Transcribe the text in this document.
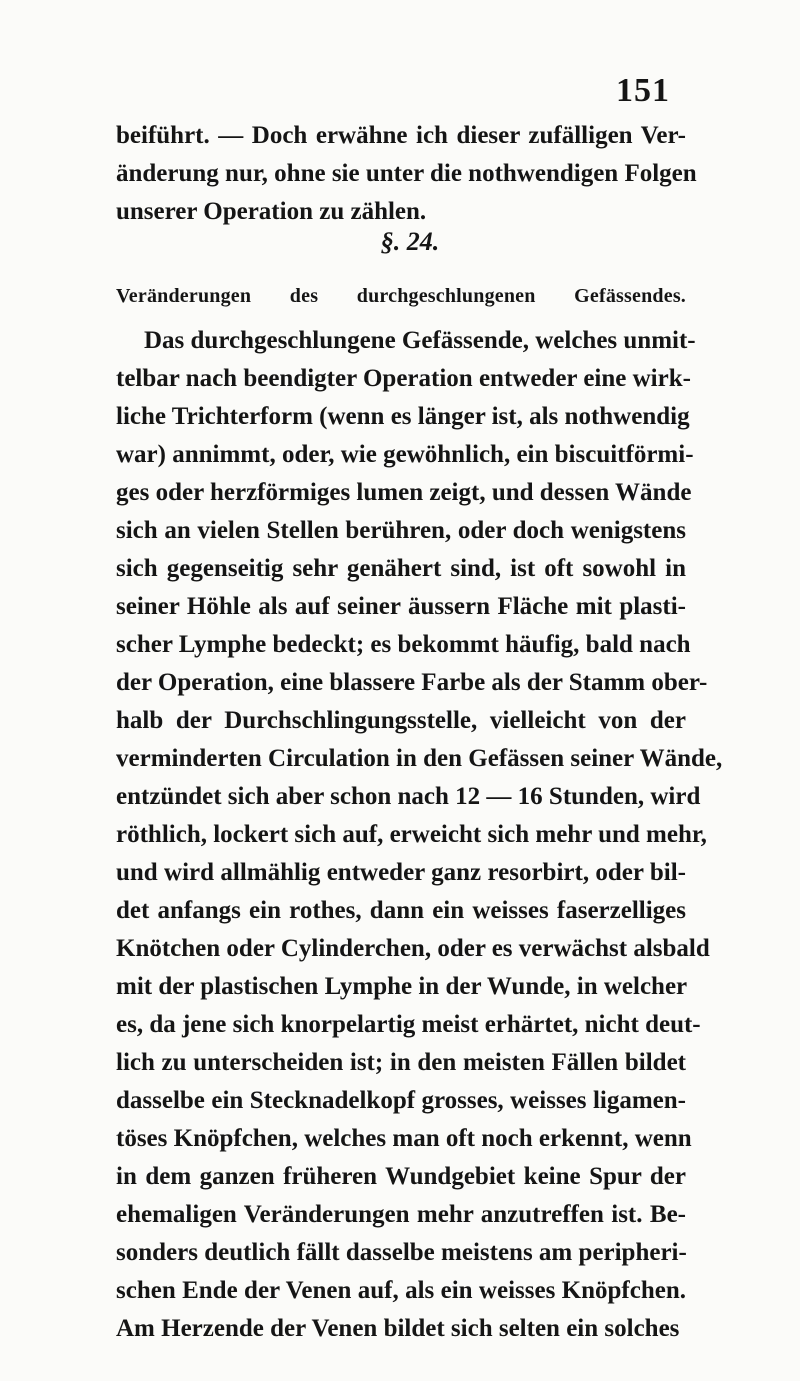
151
beiführt. — Doch erwähne ich dieser zufälligen Ver-
änderung nur, ohne sie unter die nothwendigen Folgen
unserer Operation zu zählen.
§. 24.
Veränderungen des durchgeschlungenen Gefässendes.
Das durchgeschlungene Gefässende, welches unmit-
telbar nach beendigter Operation entweder eine wirk-
liche Trichterform (wenn es länger ist, als nothwendig
war) annimmt, oder, wie gewöhnlich, ein biscuitförmi-
ges oder herzförmiges lumen zeigt, und dessen Wände
sich an vielen Stellen berühren, oder doch wenigstens
sich gegenseitig sehr genähert sind, ist oft sowohl in
seiner Höhle als auf seiner äussern Fläche mit plasti-
scher Lymphe bedeckt; es bekommt häufig, bald nach
der Operation, eine blassere Farbe als der Stamm ober-
halb der Durchschlingungsstelle, vielleicht von der
verminderten Circulation in den Gefässen seiner Wände,
entzündet sich aber schon nach 12 — 16 Stunden, wird
röthlich, lockert sich auf, erweicht sich mehr und mehr,
und wird allmählig entweder ganz resorbirt, oder bil-
det anfangs ein rothes, dann ein weisses faserzelliges
Knötchen oder Cylinderchen, oder es verwächst alsbald
mit der plastischen Lymphe in der Wunde, in welcher
es, da jene sich knorpelartig meist erhärtet, nicht deut-
lich zu unterscheiden ist; in den meisten Fällen bildet
dasselbe ein Stecknadelkopf grosses, weisses ligamen-
töses Knöpfchen, welches man oft noch erkennt, wenn
in dem ganzen früheren Wundgebiet keine Spur der
ehemaligen Veränderungen mehr anzutreffen ist. Be-
sonders deutlich fällt dasselbe meistens am peripheri-
schen Ende der Venen auf, als ein weisses Knöpfchen.
Am Herzende der Venen bildet sich selten ein solches
